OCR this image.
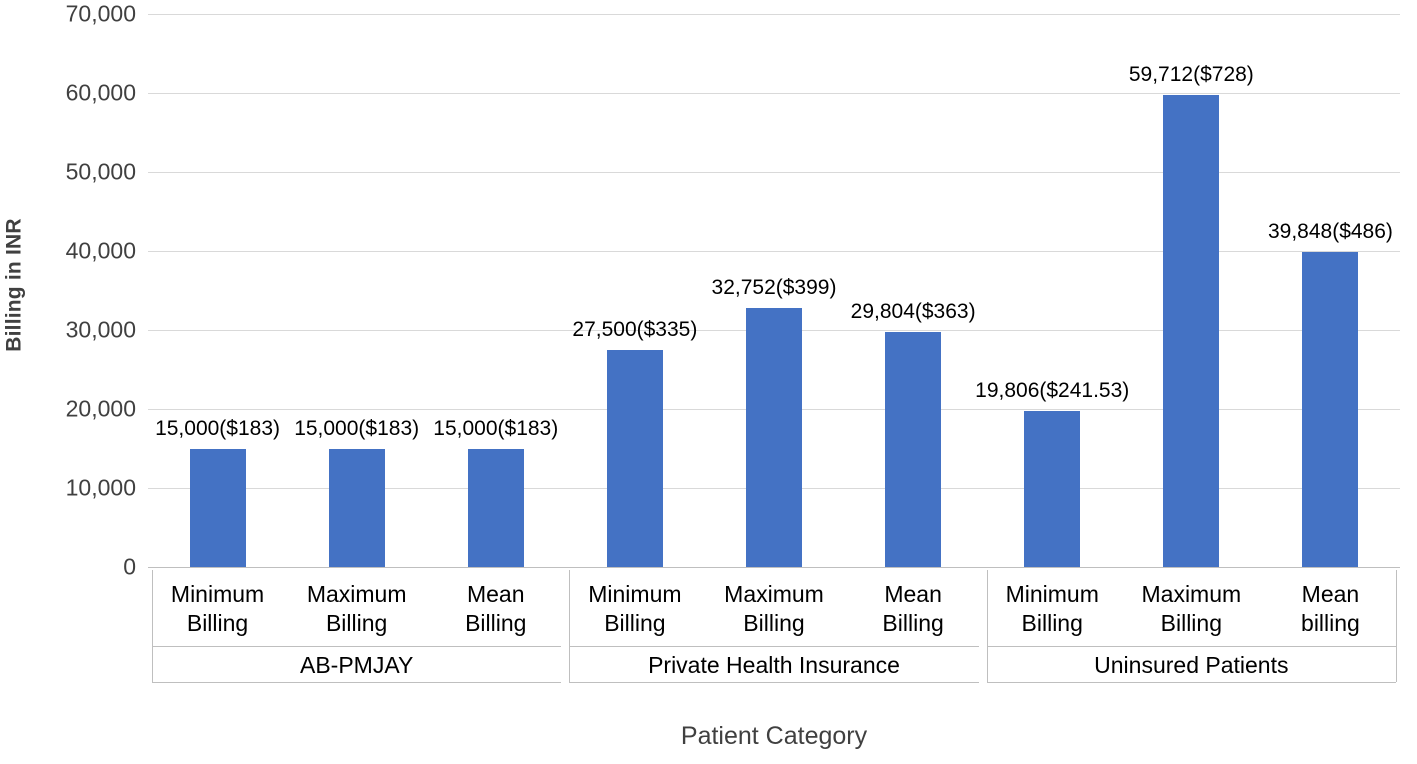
Billing in INR
0
10,000
20,000
30,000
40,000
50,000
60,000
70,000
15,000($183) 15,000($183) 15,000($183)
27,500($335)
32,752($399)
29,804($363)
19,806($241.53)
59,712($728)
39,848($486)
Minimum
Billing
Maximum
Billing
Mean
Billing
Minimum
Billing
Maximum
Billing
Mean
Billing
Minimum
Billing
Maximum
Billing
Mean
billing
AB-PMJAY	Private Health Insurance	Uninsured Patients
Patient Category
